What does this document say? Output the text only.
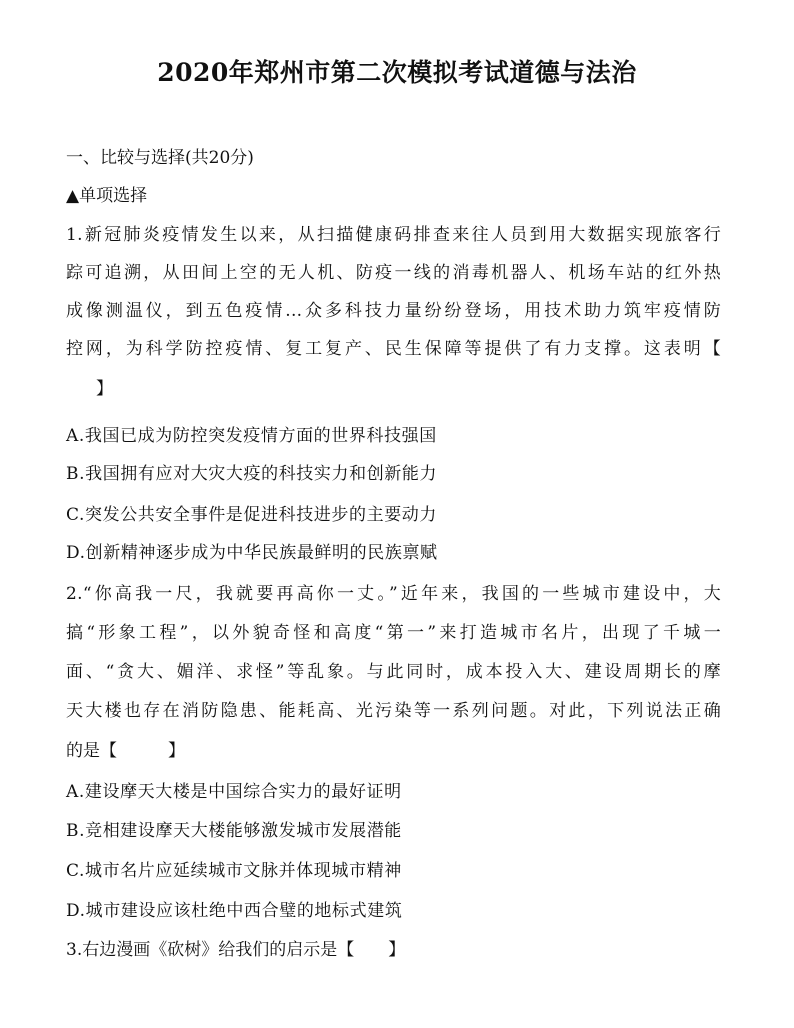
2020年郑州市第二次模拟考试道德与法治
一、比较与选择(共20分)
▲单项选择
1.新冠肺炎疫情发生以来，从扫描健康码排查来往人员到用大数据实现旅客行
踪可追溯，从田间上空的无人机、防疫一线的消毒机器人、机场车站的红外热
成像测温仪，到五色疫情...众多科技力量纷纷登场，用技术助力筑牢疫情防
控网，为科学防控疫情、复工复产、民生保障等提供了有力支撑。这表明【
】
A.我国已成为防控突发疫情方面的世界科技强国
B.我国拥有应对大灾大疫的科技实力和创新能力
C.突发公共安全事件是促进科技进步的主要动力
D.创新精神逐步成为中华民族最鲜明的民族禀赋
2.“你高我一尺，我就要再高你一丈。”近年来，我国的一些城市建设中，大
搞“形象工程”，以外貌奇怪和高度“第一”来打造城市名片，出现了千城一
面、“贪大、媚洋、求怪”等乱象。与此同时，成本投入大、建设周期长的摩
天大楼也存在消防隐患、能耗高、光污染等一系列问题。对此，下列说法正确
的是【　　　】
A.建设摩天大楼是中国综合实力的最好证明
B.竞相建设摩天大楼能够激发城市发展潜能
C.城市名片应延续城市文脉并体现城市精神
D.城市建设应该杜绝中西合璧的地标式建筑
3.右边漫画《砍树》给我们的启示是【　　】
